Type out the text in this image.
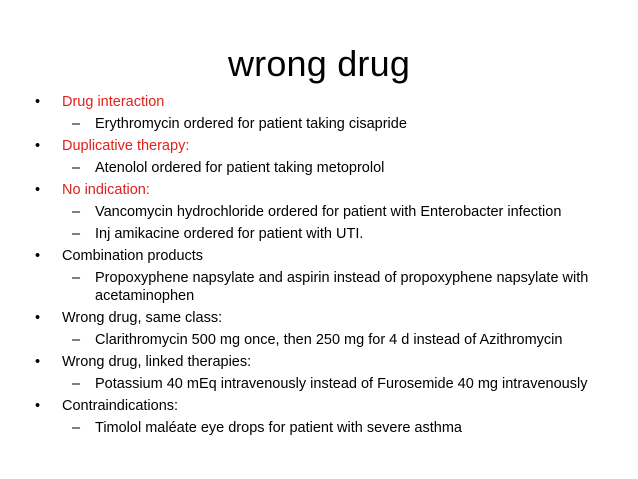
wrong drug
• Drug interaction
– Erythromycin ordered for patient taking cisapride
• Duplicative therapy:
– Atenolol ordered for patient taking metoprolol
• No indication:
– Vancomycin hydrochloride ordered for patient with Enterobacter infection
– Inj amikacine ordered for patient with UTI.
• Combination products
– Propoxyphene napsylate and aspirin instead of propoxyphene napsylate with acetaminophen
• Wrong drug, same class:
– Clarithromycin 500 mg once, then 250 mg for 4 d instead of Azithromycin
• Wrong drug, linked therapies:
– Potassium 40 mEq intravenously instead of Furosemide 40 mg intravenously
• Contraindications:
– Timolol maléate eye drops for patient with severe asthma
